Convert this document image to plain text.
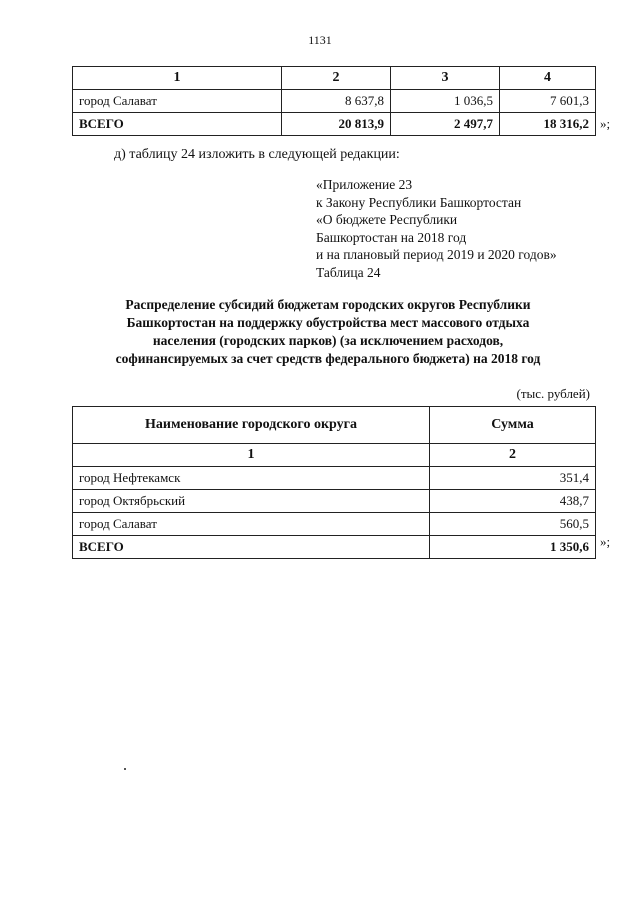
1131
1	2	3	4
город Салават	8 637,8	1 036,5	7 601,3
ВСЕГО	20 813,9	2 497,7	18 316,2 »;
д) таблицу 24 изложить в следующей редакции:
«Приложение 23
к Закону Республики Башкортостан
«О бюджете Республики
Башкортостан на 2018 год
и на плановый период 2019 и 2020 годов»
Таблица 24
Распределение субсидий бюджетам городских округов Республики
Башкортостан на поддержку обустройства мест массового отдыха
населения (городских парков) (за исключением расходов,
софинансируемых за счет средств федерального бюджета) на 2018 год
(тыс. рублей)
Наименование городского округа	Сумма
1	2
город Нефтекамск	351,4
город Октябрьский	438,7
город Салават	560,5
ВСЕГО	1 350,6 »;
